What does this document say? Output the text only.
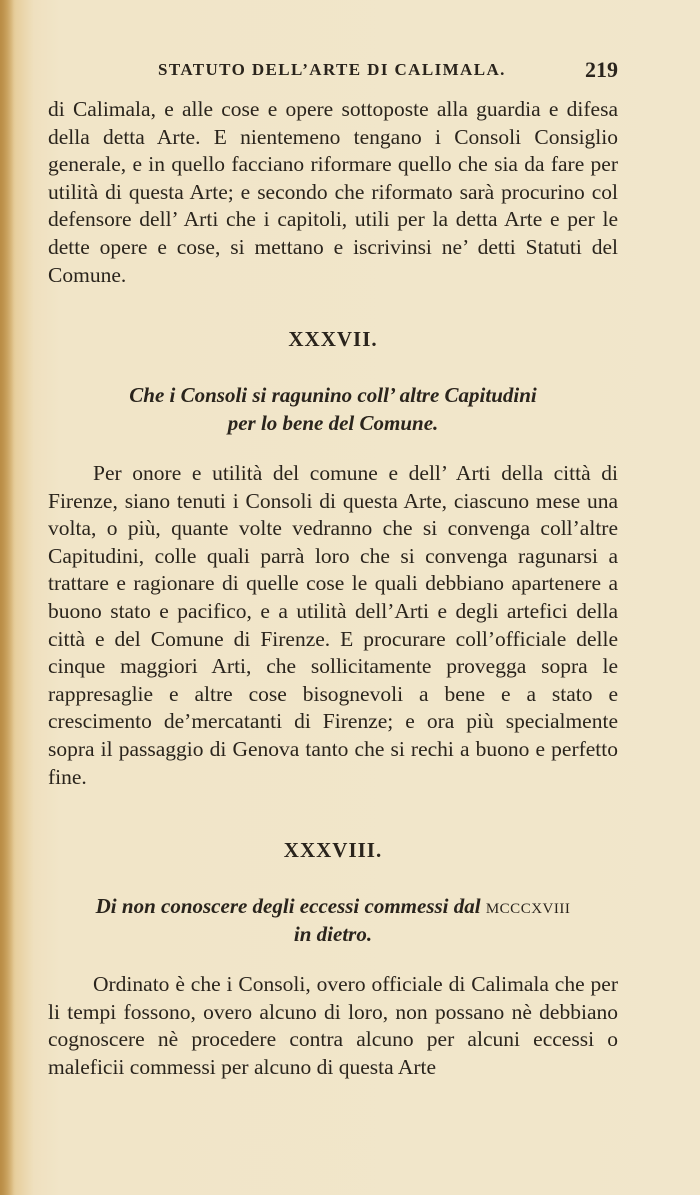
STATUTO DELL’ARTE DI CALIMALA.	219

di Calimala, e alle cose e opere sottoposte alla guardia e difesa della detta Arte. E nientemeno tengano i Consoli Consiglio generale, e in quello facciano riformare quello che sia da fare per utilità di questa Arte; e secondo che riformato sarà procurino col defensore dell’ Arti che i capitoli, utili per la detta Arte e per le dette opere e cose, si mettano e iscrivinsi ne’ detti Statuti del Comune.

XXXVII.
Che i Consoli si ragunino coll’ altre Capitudini
per lo bene del Comune.

Per onore e utilità del comune e dell’ Arti della città di Firenze, siano tenuti i Consoli di questa Arte, ciascuno mese una volta, o più, quante volte vedranno che si convenga coll’altre Capitudini, colle quali parrà loro che si convenga ragunarsi a trattare e ragionare di quelle cose le quali debbiano apartenere a buono stato e pacifico, e a utilità dell’Arti e degli artefici della città e del Comune di Firenze. E procurare coll’officiale delle cinque maggiori Arti, che sollicitamente provegga sopra le rappresaglie e altre cose bisognevoli a bene e a stato e crescimento de’mercatanti di Firenze; e ora più specialmente sopra il passaggio di Genova tanto che si rechi a buono e perfetto fine.

XXXVIII.
Di non conoscere degli eccessi commessi dal mcccxviii
in dietro.

Ordinato è che i Consoli, overo officiale di Calimala che per li tempi fossono, overo alcuno di loro, non possano nè debbiano cognoscere nè procedere contra alcuno per alcuni eccessi o maleficii commessi per alcuno di questa Arte
